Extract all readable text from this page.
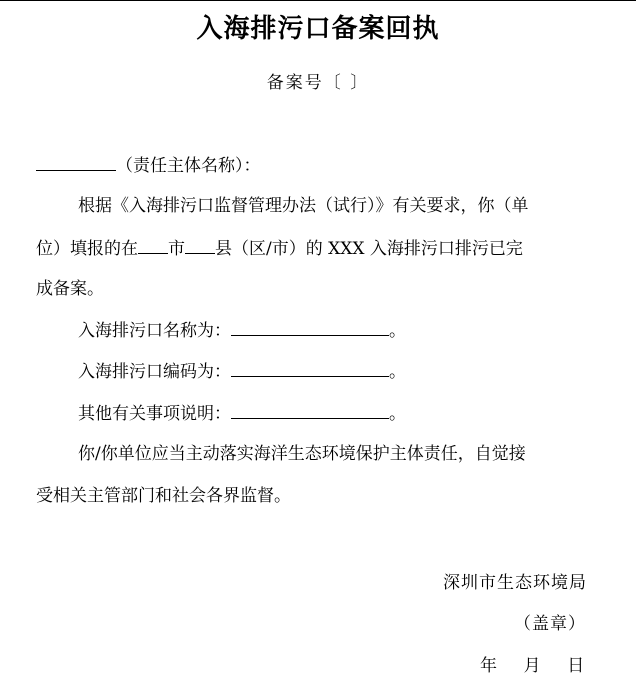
入海排污口备案回执
备案号〔 〕
（责任主体名称）：
根据《入海排污口监督管理办法（试行）》有关要求，你（单
位）填报的在 市 县（区/市）的 XXX 入海排污口排污已完
成备案。
入海排污口名称为：	。
入海排污口编码为：	。
其他有关事项说明：	。
你/你单位应当主动落实海洋生态环境保护主体责任，自觉接
受相关主管部门和社会各界监督。
深圳市生态环境局
（盖章）
年    月    日
